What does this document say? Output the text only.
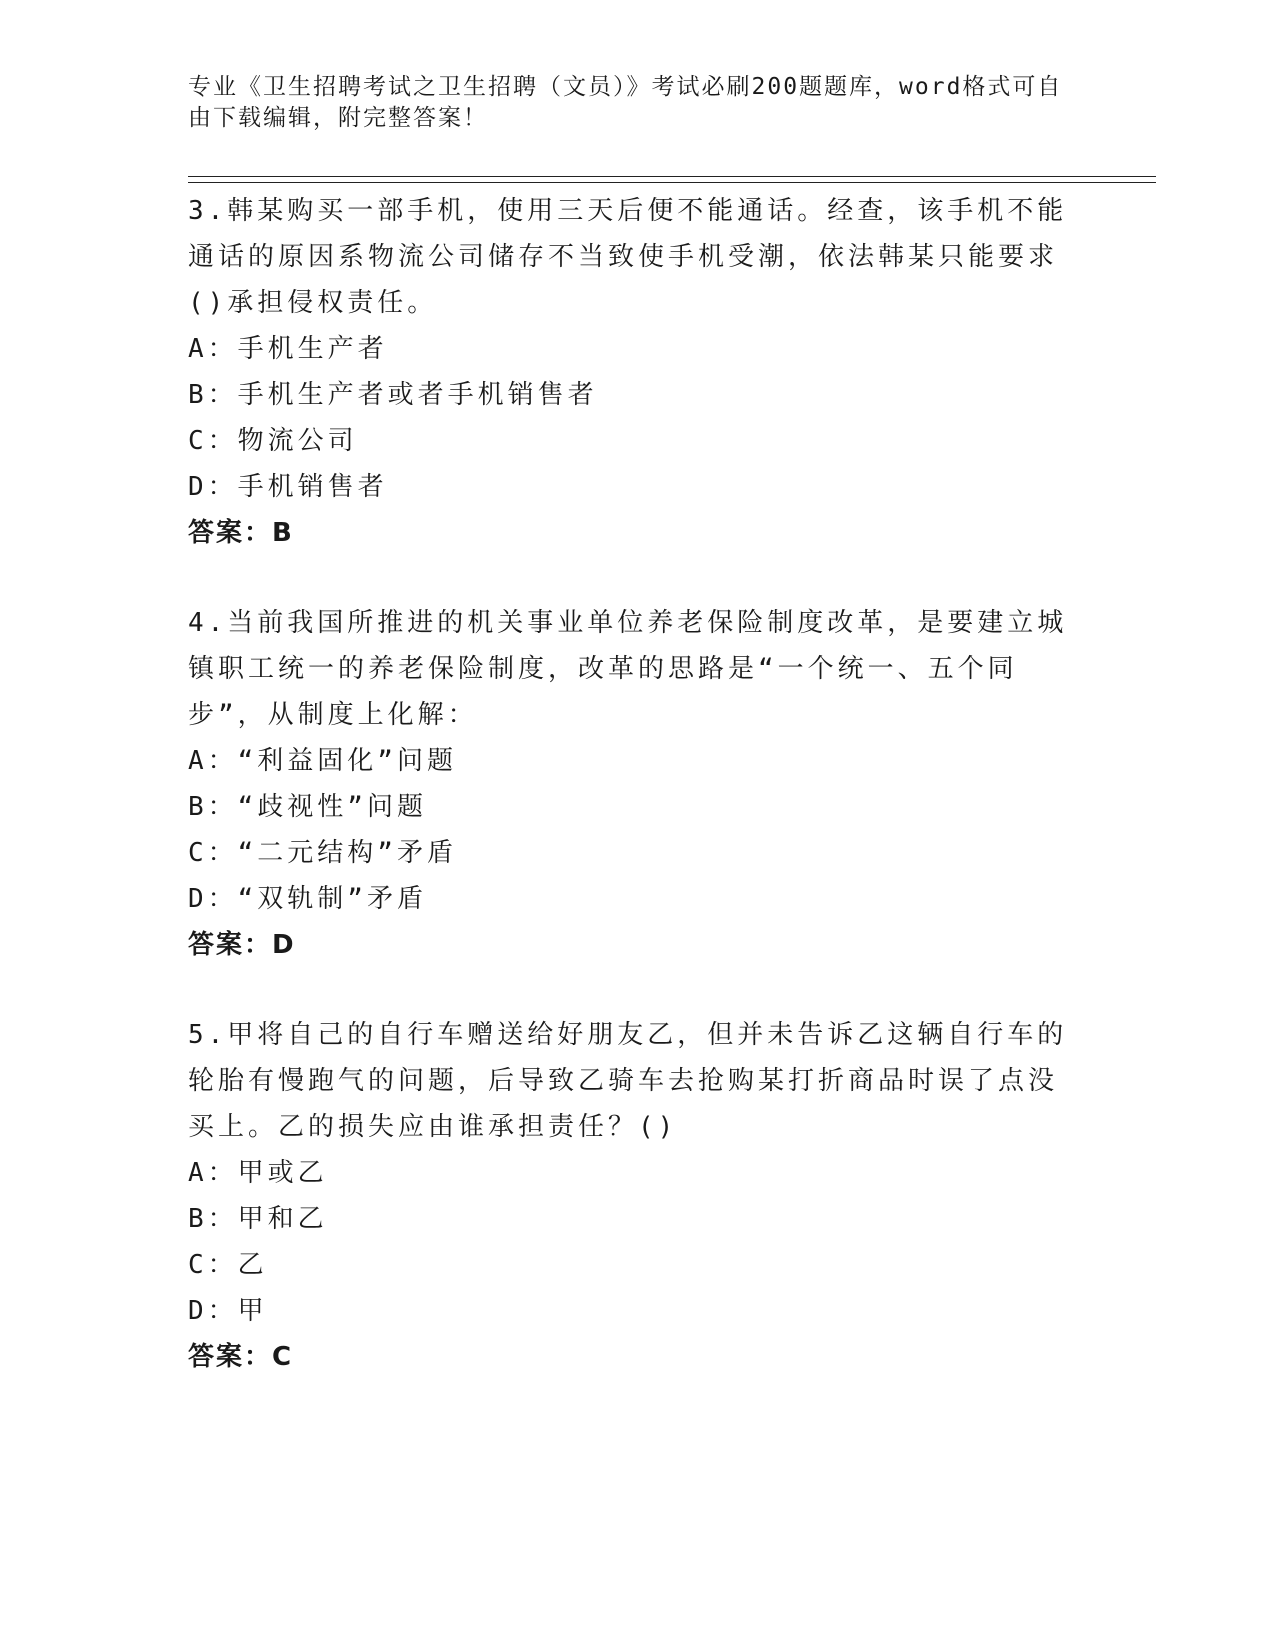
专业《卫生招聘考试之卫生招聘（文员）》考试必刷200题题库，word格式可自由下载编辑，附完整答案！

3.韩某购买一部手机，使用三天后便不能通话。经查，该手机不能通话的原因系物流公司储存不当致使手机受潮，依法韩某只能要求()承担侵权责任。

A：手机生产者

B：手机生产者或者手机销售者

C：物流公司

D：手机销售者

答案：B

4.当前我国所推进的机关事业单位养老保险制度改革，是要建立城镇职工统一的养老保险制度，改革的思路是“一个统一、五个同步”，从制度上化解：

A：“利益固化”问题

B：“歧视性”问题

C：“二元结构”矛盾

D：“双轨制”矛盾

答案：D

5.甲将自己的自行车赠送给好朋友乙，但并未告诉乙这辆自行车的轮胎有慢跑气的问题，后导致乙骑车去抢购某打折商品时误了点没买上。乙的损失应由谁承担责任？()

A：甲或乙

B：甲和乙

C：乙

D：甲

答案：C
